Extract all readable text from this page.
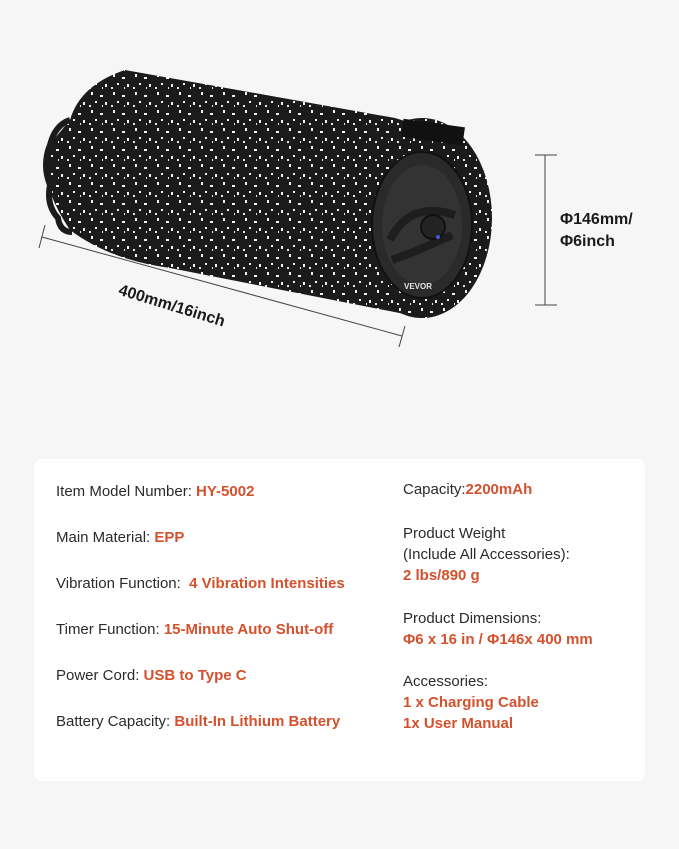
VEVOR
400mm/16inch
Φ146mm/
Φ6inch
Item Model Number: HY-5002
Main Material: EPP
Vibration Function:  4 Vibration Intensities
Timer Function: 15-Minute Auto Shut-off
Power Cord: USB to Type C
Battery Capacity: Built-In Lithium Battery
Capacity:2200mAh
Product Weight
(Include All Accessories):
2 lbs/890 g
Product Dimensions:
Φ6 x 16 in / Φ146x 400 mm
Accessories:
1 x Charging Cable
1x User Manual
